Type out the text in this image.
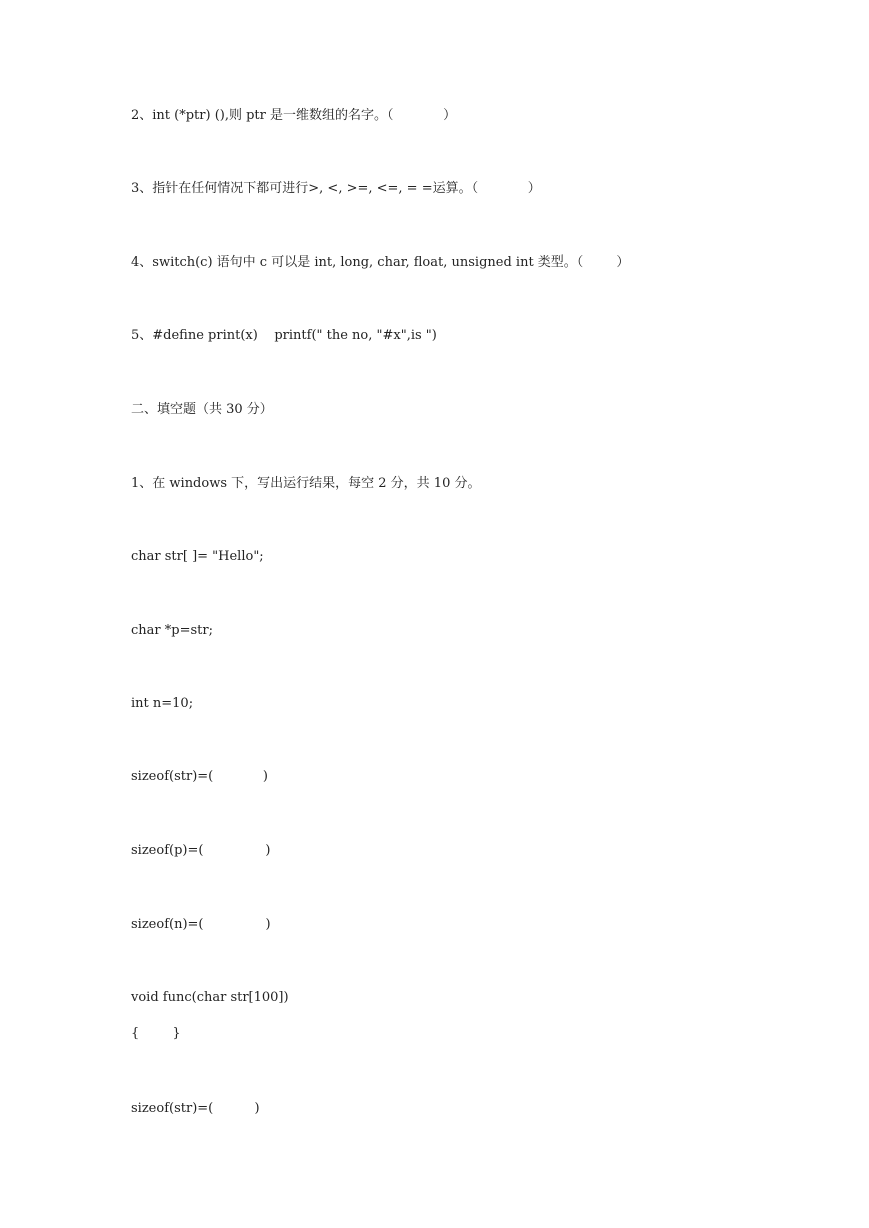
2、int (*ptr) (),则 ptr 是一维数组的名字。（            ）
3、指针在任何情况下都可进行>, <, >=, <=, = =运算。（            ）
4、switch(c) 语句中 c 可以是 int, long, char, float, unsigned int 类型。（        ）
5、#define print(x)    printf(" the no, "#x",is ")
二、填空题（共 30 分）
1、在 windows 下，写出运行结果，每空 2 分，共 10 分。
char str[ ]= "Hello";
char *p=str;
int n=10;
sizeof(str)=(            )
sizeof(p)=(               )
sizeof(n)=(               )
void func(char str[100])
{        }
sizeof(str)=(          )
